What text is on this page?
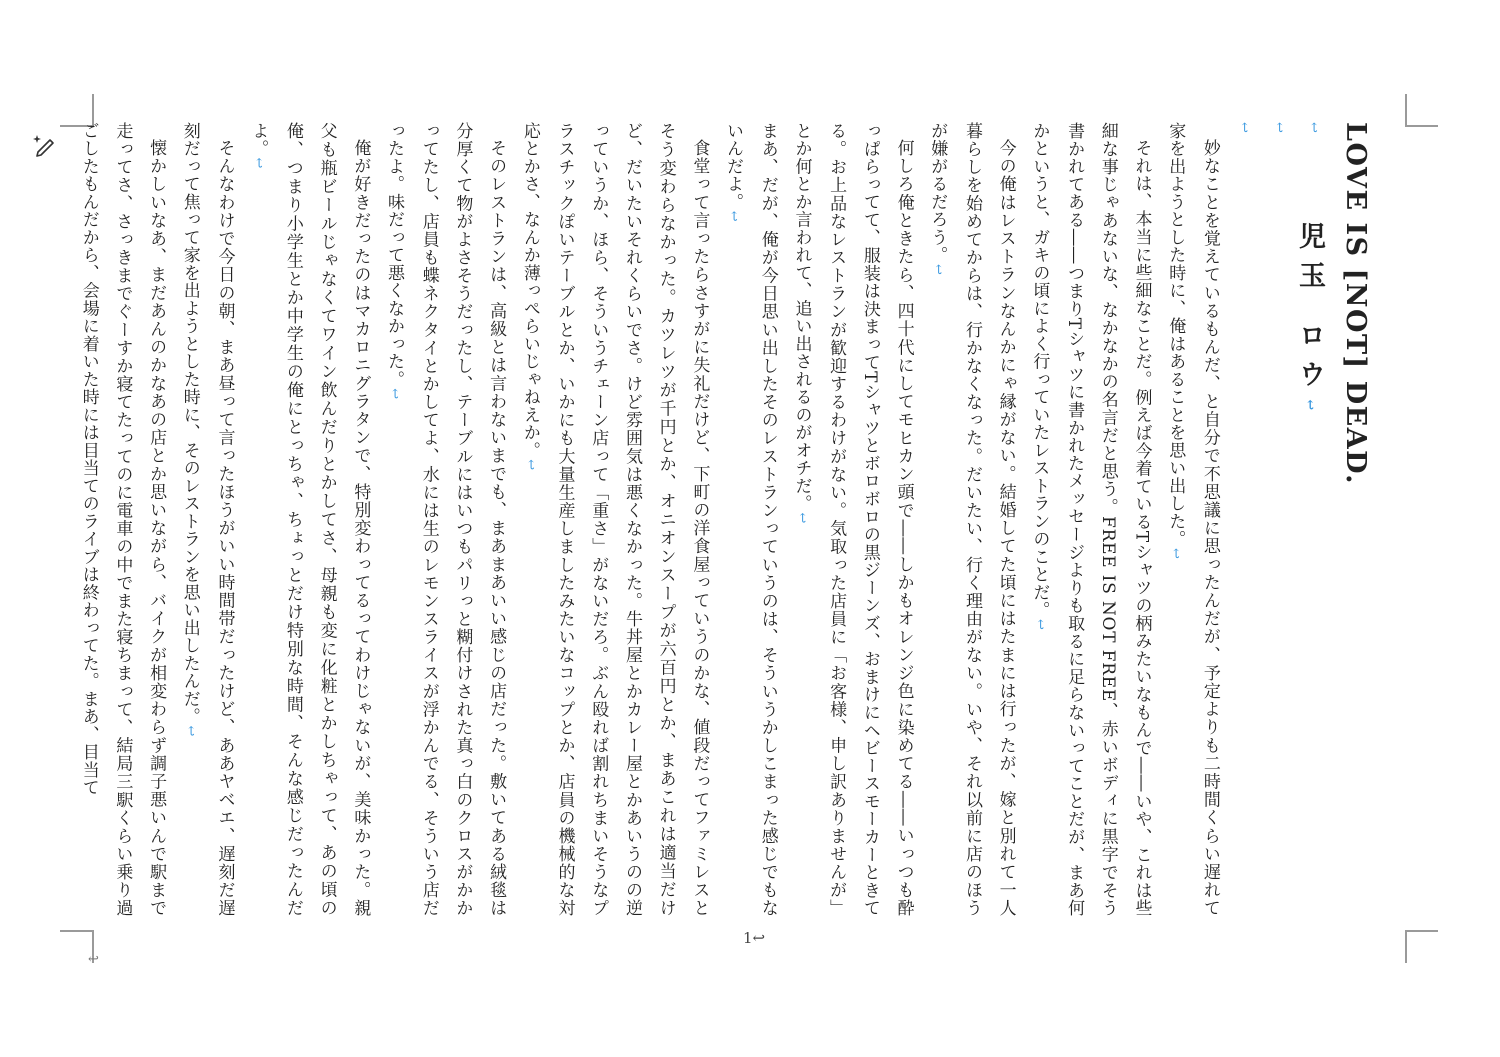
LOVE IS [NOT] DEAD.児玉 ロウ↩

↩

↩

↩

妙なことを覚えているもんだ、と自分で不思議に思ったんだが、予定よりも二時間くらい遅れて家を出ようとした時に、俺はあることを思い出した。↩

それは、本当に些細なことだ。例えば今着ているTシャツの柄みたいなもんで――いや、これは些細な事じゃあないな、なかなかの名言だと思う。FREE IS NOT FREE、赤いボディに黒字でそう書かれてある――つまりTシャツに書かれたメッセージよりも取るに足らないってことだが、まあ何かというと、ガキの頃によく行っていたレストランのことだ。↩

今の俺はレストランなんかにゃ縁がない。結婚してた頃にはたまには行ったが、嫁と別れて一人暮らしを始めてからは、行かなくなった。だいたい、行く理由がない。いや、それ以前に店のほうが嫌がるだろう。↩

何しろ俺ときたら、四十代にしてモヒカン頭で――しかもオレンジ色に染めてる――いっつも酔っぱらってて、服装は決まってTシャツとボロボロの黒ジーンズ、おまけにヘビースモーカーときてる。お上品なレストランが歓迎するわけがない。気取った店員に「お客様、申し訳ありませんが」とか何とか言われて、追い出されるのがオチだ。↩

まあ、だが、俺が今日思い出したそのレストランっていうのは、そういうかしこまった感じでもないんだよ。↩

食堂って言ったらさすがに失礼だけど、下町の洋食屋っていうのかな、値段だってファミレスとそう変わらなかった。カツレツが千円とか、オニオンスープが六百円とか、まあこれは適当だけど、だいたいそれくらいでさ。けど雰囲気は悪くなかった。牛丼屋とかカレー屋とかあいうのの逆っていうか、ほら、そういうチェーン店って「重さ」がないだろ。ぶん殴れば割れちまいそうなプラスチックぽいテーブルとか、いかにも大量生産しましたみたいなコップとか、店員の機械的な対応とかさ、なんか薄っぺらいじゃねえか。↩

そのレストランは、高級とは言わないまでも、まあまあいい感じの店だった。敷いてある絨毯は分厚くて物がよさそうだったし、テーブルにはいつもパリっと糊付けされた真っ白のクロスがかかってたし、店員も蝶ネクタイとかしてよ、水には生のレモンスライスが浮かんでる、そういう店だったよ。味だって悪くなかった。↩

俺が好きだったのはマカロニグラタンで、特別変わってるってわけじゃないが、美味かった。親父も瓶ビールじゃなくてワイン飲んだりとかしてさ、母親も変に化粧とかしちゃって、あの頃の俺、つまり小学生とか中学生の俺にとっちゃ、ちょっとだけ特別な時間、そんな感じだったんだよ。↩

そんなわけで今日の朝、まあ昼って言ったほうがいい時間帯だったけど、ああヤベエ、遅刻だ遅刻だって焦って家を出ようとした時に、そのレストランを思い出したんだ。↩

懐かしいなあ、まだあんのかなあの店とか思いながら、バイクが相変わらず調子悪いんで駅まで走ってさ、さっきまでぐーすか寝てたってのに電車の中でまた寝ちまって、結局三駅くらい乗り過ごしたもんだから、会場に着いた時には目当てのライブは終わってた。まあ、目当て

1↩
↩
